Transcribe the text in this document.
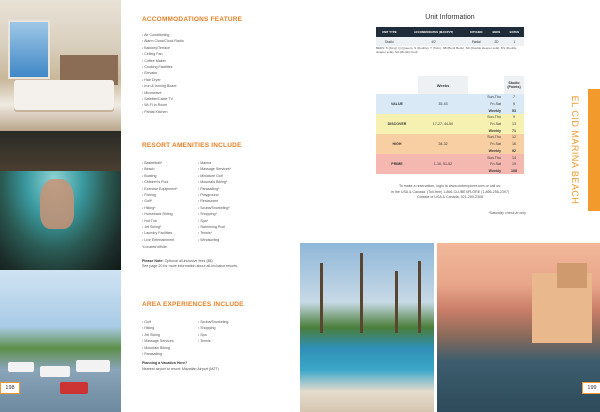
198
ACCOMMODATIONS FEATURE
• Air Conditioning
• Alarm Clock/Clock Radio
• Balcony/Terrace
• Ceiling Fan
• Coffee Maker
• Cooking Facilities
• Elevator
• Hair Dryer
• Iron & Ironing Board
• Microwave
• Satellite/Cable TV
• Wi-Fi In Room
• Partial Kitchen
RESORT AMENITIES INCLUDE
• Basketball*
• Beach
• Boating
• Children's Pool
• Exercise Equipment*
• Fishing
• Golf*
• Hiking*
• Horseback Riding
• Hot Tub
• Jet Skiing*
• Laundry Facilities
• Live Entertainment
• Marina
• Massage Services*
• Miniature Golf
• Mountain Biking*
• Parasailing*
• Playground
• Restaurant
• Scuba/Snorkeling*
• Shopping*
• Spa*
• Swimming Pool
• Tennis*
• Windsurfing
*Located offsite.
Please Note: Optional all-inclusive fees ($$)
See page 20 for more information about all-inclusive resorts.
AREA EXPERIENCES INCLUDE
• Golf
• Hiking
• Jet Skiing
• Massage Services
• Mountain Biking
• Parasailing
• Scuba/Snorkeling
• Shopping
• Spa
• Tennis
Planning a Vacation Here?
Nearest airport to resort: Mazatlán Airport (MZT)
Unit Information
UNIT TYPE	ACCOMMODATES (MAX/PVT)	KITCHEN	BEDS	BATHS
Studio	4/2	Partial	2D	1
BEDS: K (King), Q (Queen), S (Double), T (Twin), SB (Bunk Beds), SD (Double sleeper sofa), DS (Double sleeper sofa), SA (Murphy bed)
	Weeks		Studio (Points)
VALUE	35-43	Sun-Thu	7
		Fri-Sat	9
		Weekly	53
DISCOVER	17-27, 44-50	Sun-Thu	9
		Fri-Sat	13
		Weekly	71
HIGH	28-32	Sun-Thu	12
		Fri-Sat	16
		Weekly	92
PRIME	1-16, 51-52	Sun-Thu	14
		Fri-Sat	19
		Weekly	108
To make a reservation, login to www.clubexplorer.com or call us:
In the USA & Canada: (Toll-free) 1-866-CLUBEXPLORE (1-866-258-2397)
Outside of USA & Canada: 321-250-2308
*Saturday check-in only
EL CID MARINA BEACH
199
